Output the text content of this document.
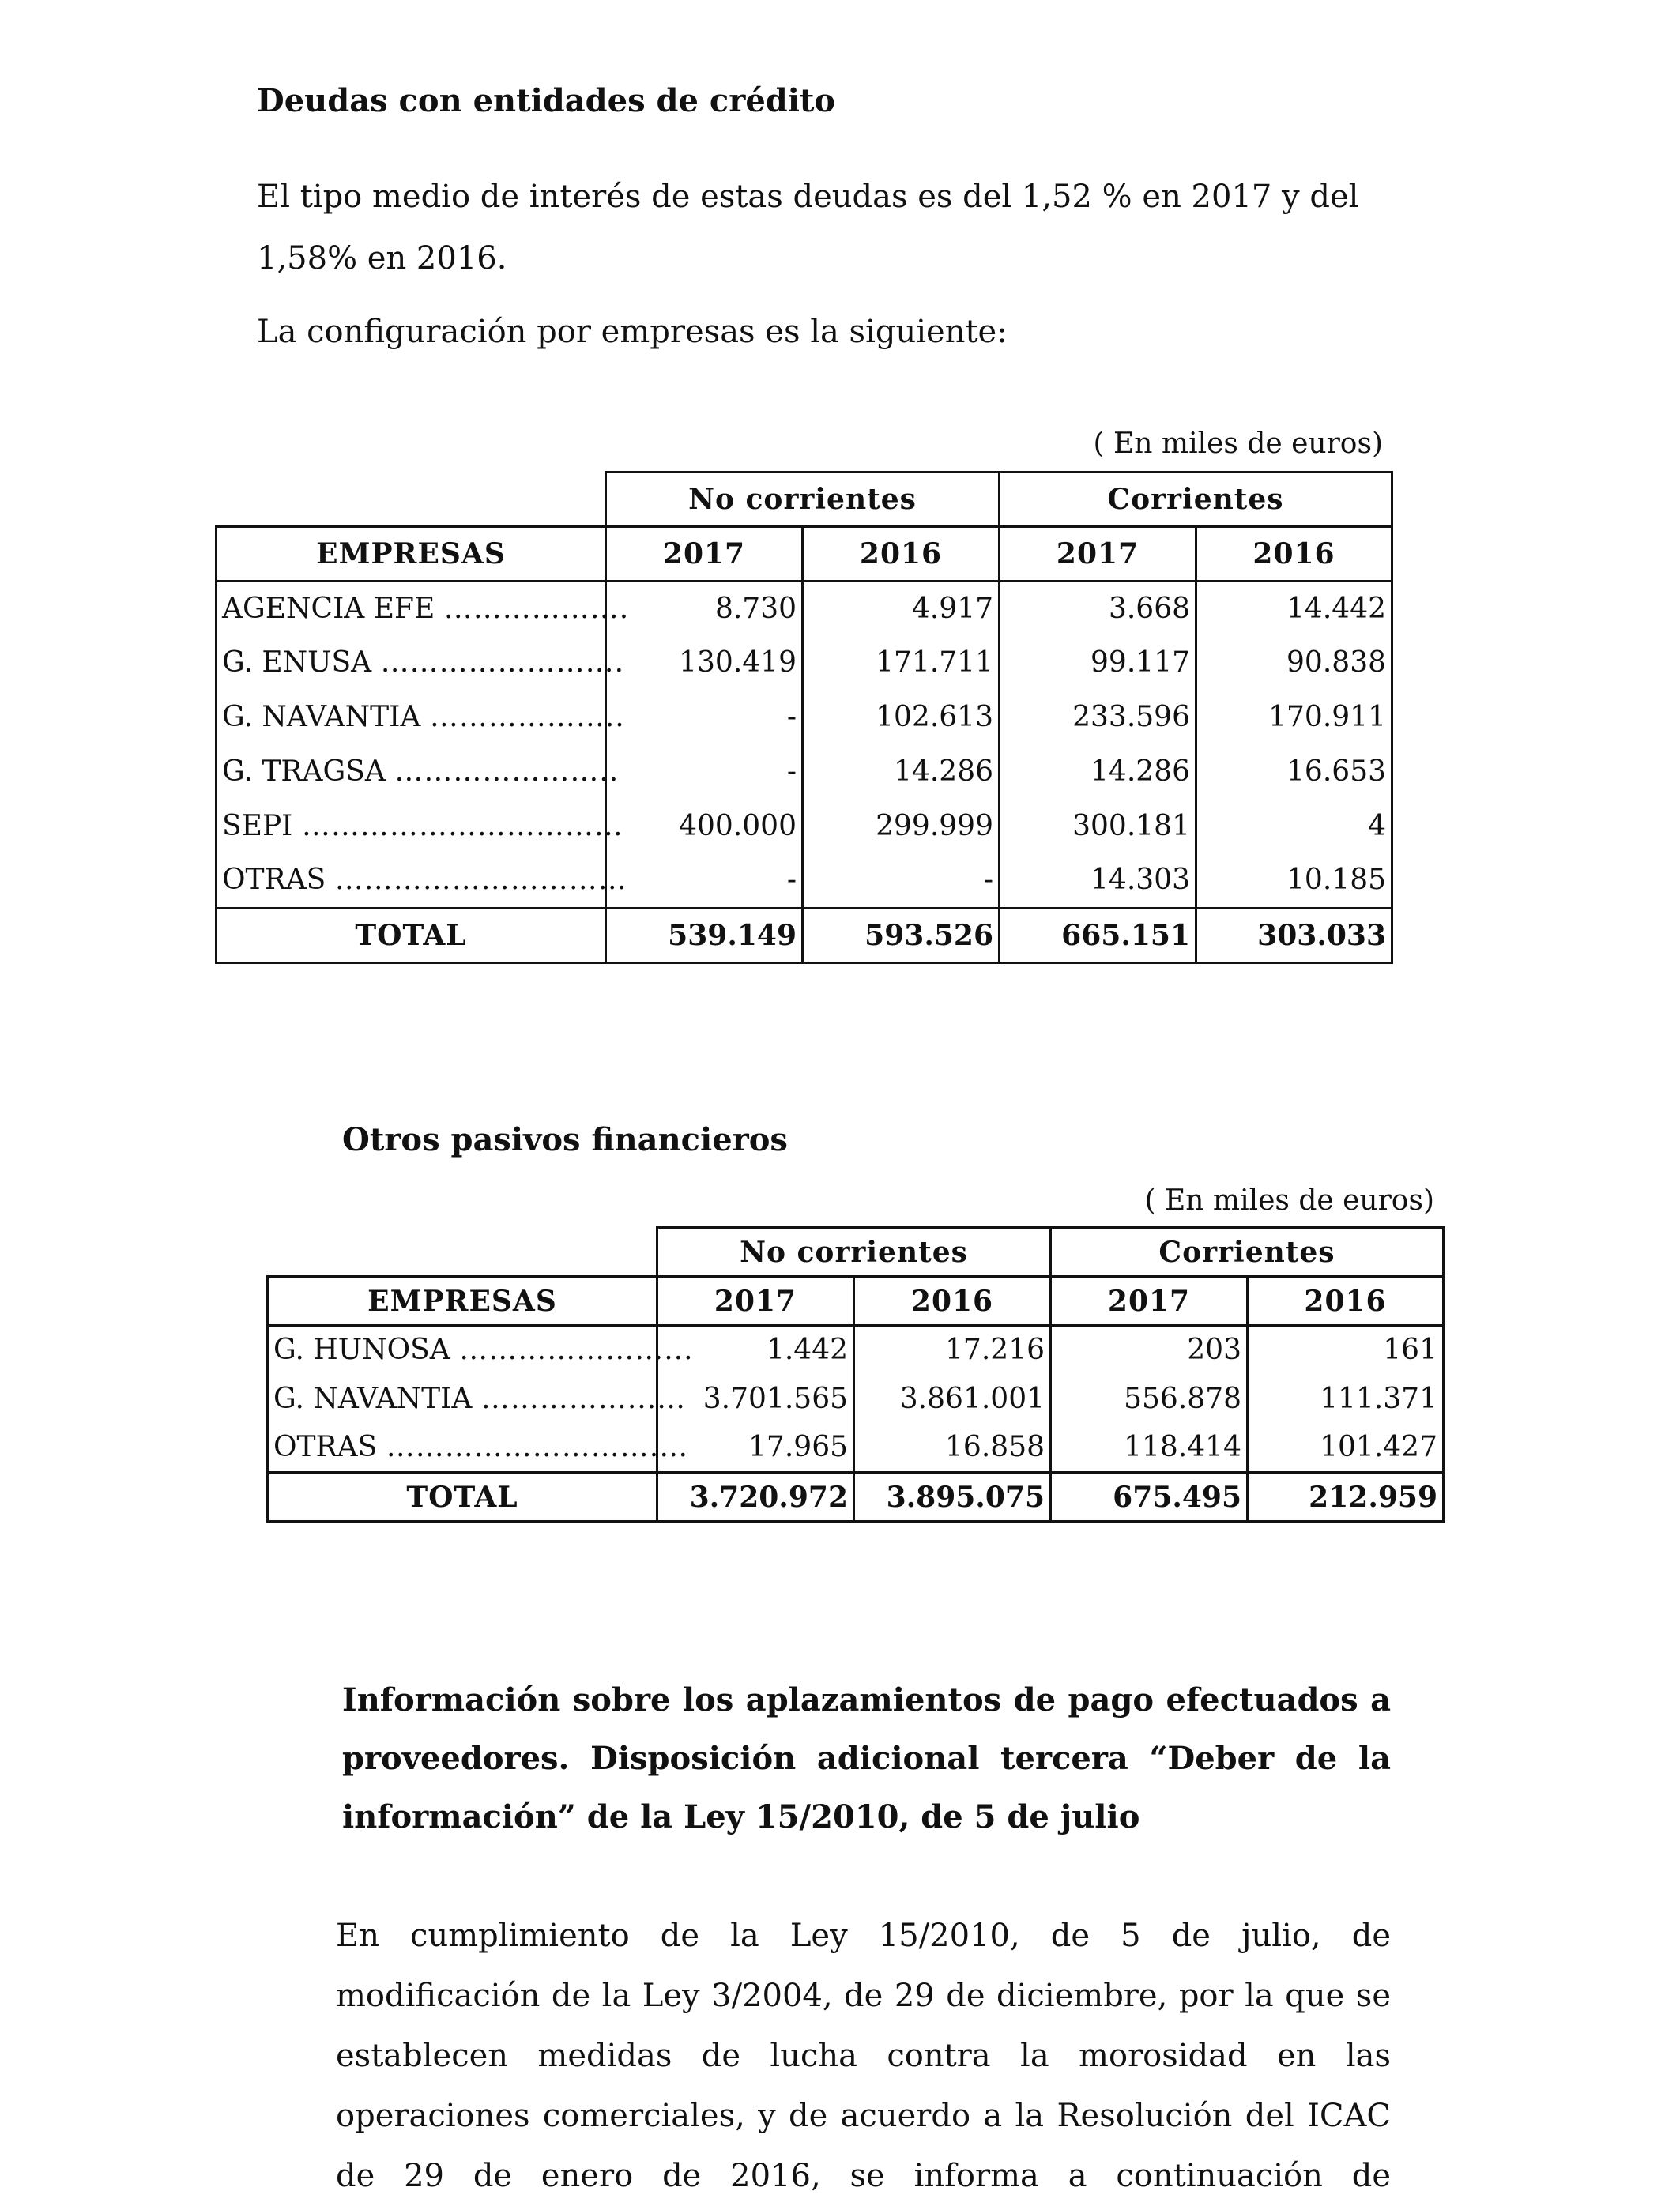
Deudas con entidades de crédito
El tipo medio de interés de estas deudas es del 1,52 % en 2017 y del 1,58% en 2016.
La configuración por empresas es la siguiente:
( En miles de euros)
	No corrientes		Corrientes	
EMPRESAS	2017	2016	2017	2016
AGENCIA EFE ……………….	8.730	4.917	3.668	14.442
G. ENUSA …………………….	130.419	171.711	99.117	90.838
G. NAVANTIA ………………..	-	102.613	233.596	170.911
G. TRAGSA …………………..	-	14.286	14.286	16.653
SEPI ……………………………	400.000	299.999	300.181	4
OTRAS …………………………	-	-	14.303	10.185
TOTAL	539.149	593.526	665.151	303.033
Otros pasivos financieros
( En miles de euros)
	No corrientes		Corrientes	
EMPRESAS	2017	2016	2017	2016
G. HUNOSA …………………...	1.442	17.216	203	161
G. NAVANTIA ……………...…	3.701.565	3.861.001	556.878	111.371
OTRAS ……………………….…	17.965	16.858	118.414	101.427
TOTAL	3.720.972	3.895.075	675.495	212.959
Información sobre los aplazamientos de pago efectuados a proveedores. Disposición adicional tercera “Deber de la información” de la Ley 15/2010, de 5 de julio
En cumplimiento de la Ley 15/2010, de 5 de julio, de modificación de la Ley 3/2004, de 29 de diciembre, por la que se establecen medidas de lucha contra la morosidad en las operaciones comerciales, y de acuerdo a la Resolución del ICAC de 29 de enero de 2016, se informa a continuación de
